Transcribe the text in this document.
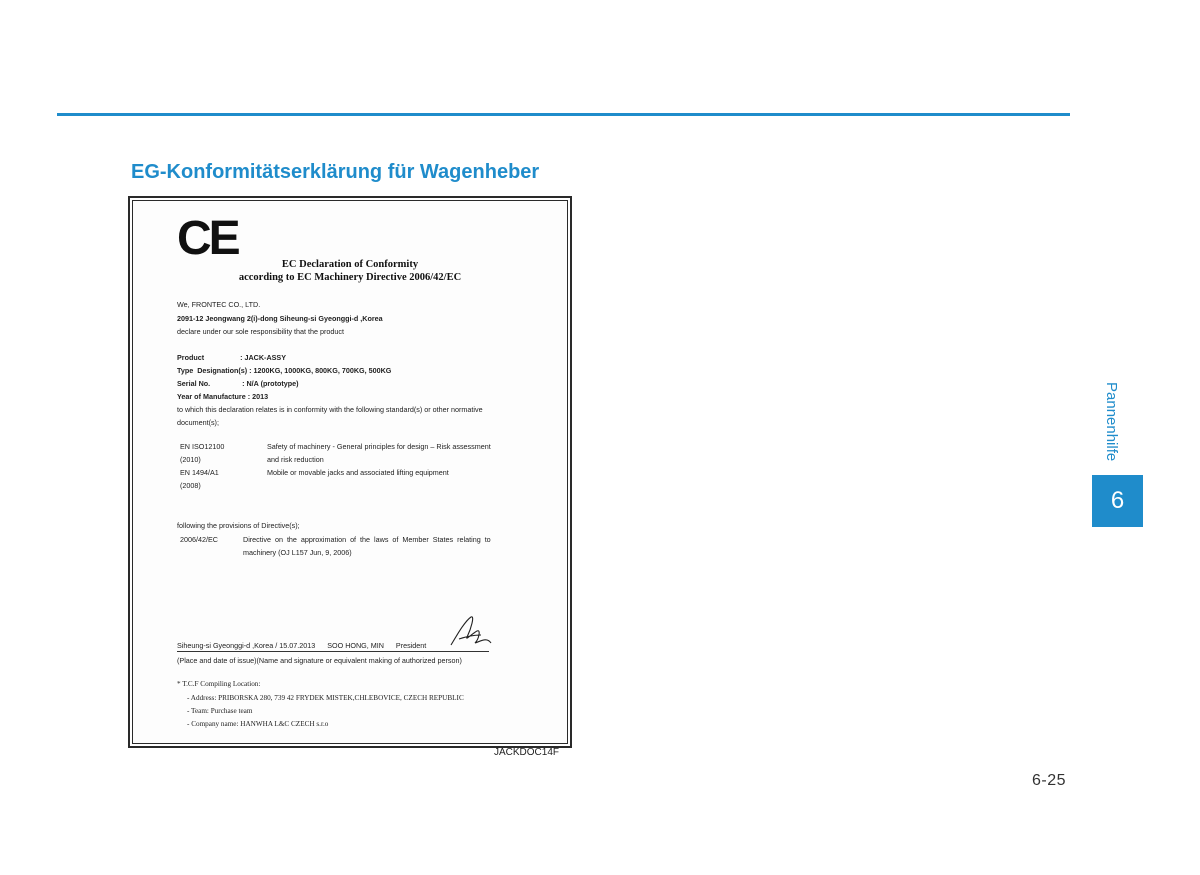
EG-Konformitätserklärung für Wagenheber
CE	EC Declaration of Conformity
according to EC Machinery Directive 2006/42/EC
We, FRONTEC CO., LTD.
2091-12 Jeongwang 2(i)-dong Siheung-si Gyeonggi-d ,Korea
declare under our sole responsibility that the product
Product                  : JACK-ASSY
Type  Designation(s) : 1200KG, 1000KG, 800KG, 700KG, 500KG
Serial No.                : N/A (prototype)
Year of Manufacture : 2013
to which this declaration relates is in conformity with the following standard(s) or other normative
document(s);
EN ISO12100
(2010)
Safety of machinery - General principles for design – Risk assessment
and risk reduction
EN 1494/A1
(2008)
Mobile or movable jacks and associated lifting equipment
following the provisions of Directive(s);
2006/42/EC	Directive  on  the  approximation  of  the  laws  of  Member  States  relating  to
machinery (OJ L157 Jun, 9, 2006)
Siheung-si Gyeonggi-d ,Korea / 15.07.2013      SOO HONG, MIN      President
(Place and date of issue)(Name and signature or equivalent making of authorized person)
* T.C.F Compiling Location:
- Address: PRIBORSKA 280, 739 42 FRYDEK MISTEK,CHLEBOVICE, CZECH REPUBLIC
- Team: Purchase team
- Company name: HANWHA L&C CZECH s.r.o
JACKDOC14F
6-25
Pannenhilfe
6
